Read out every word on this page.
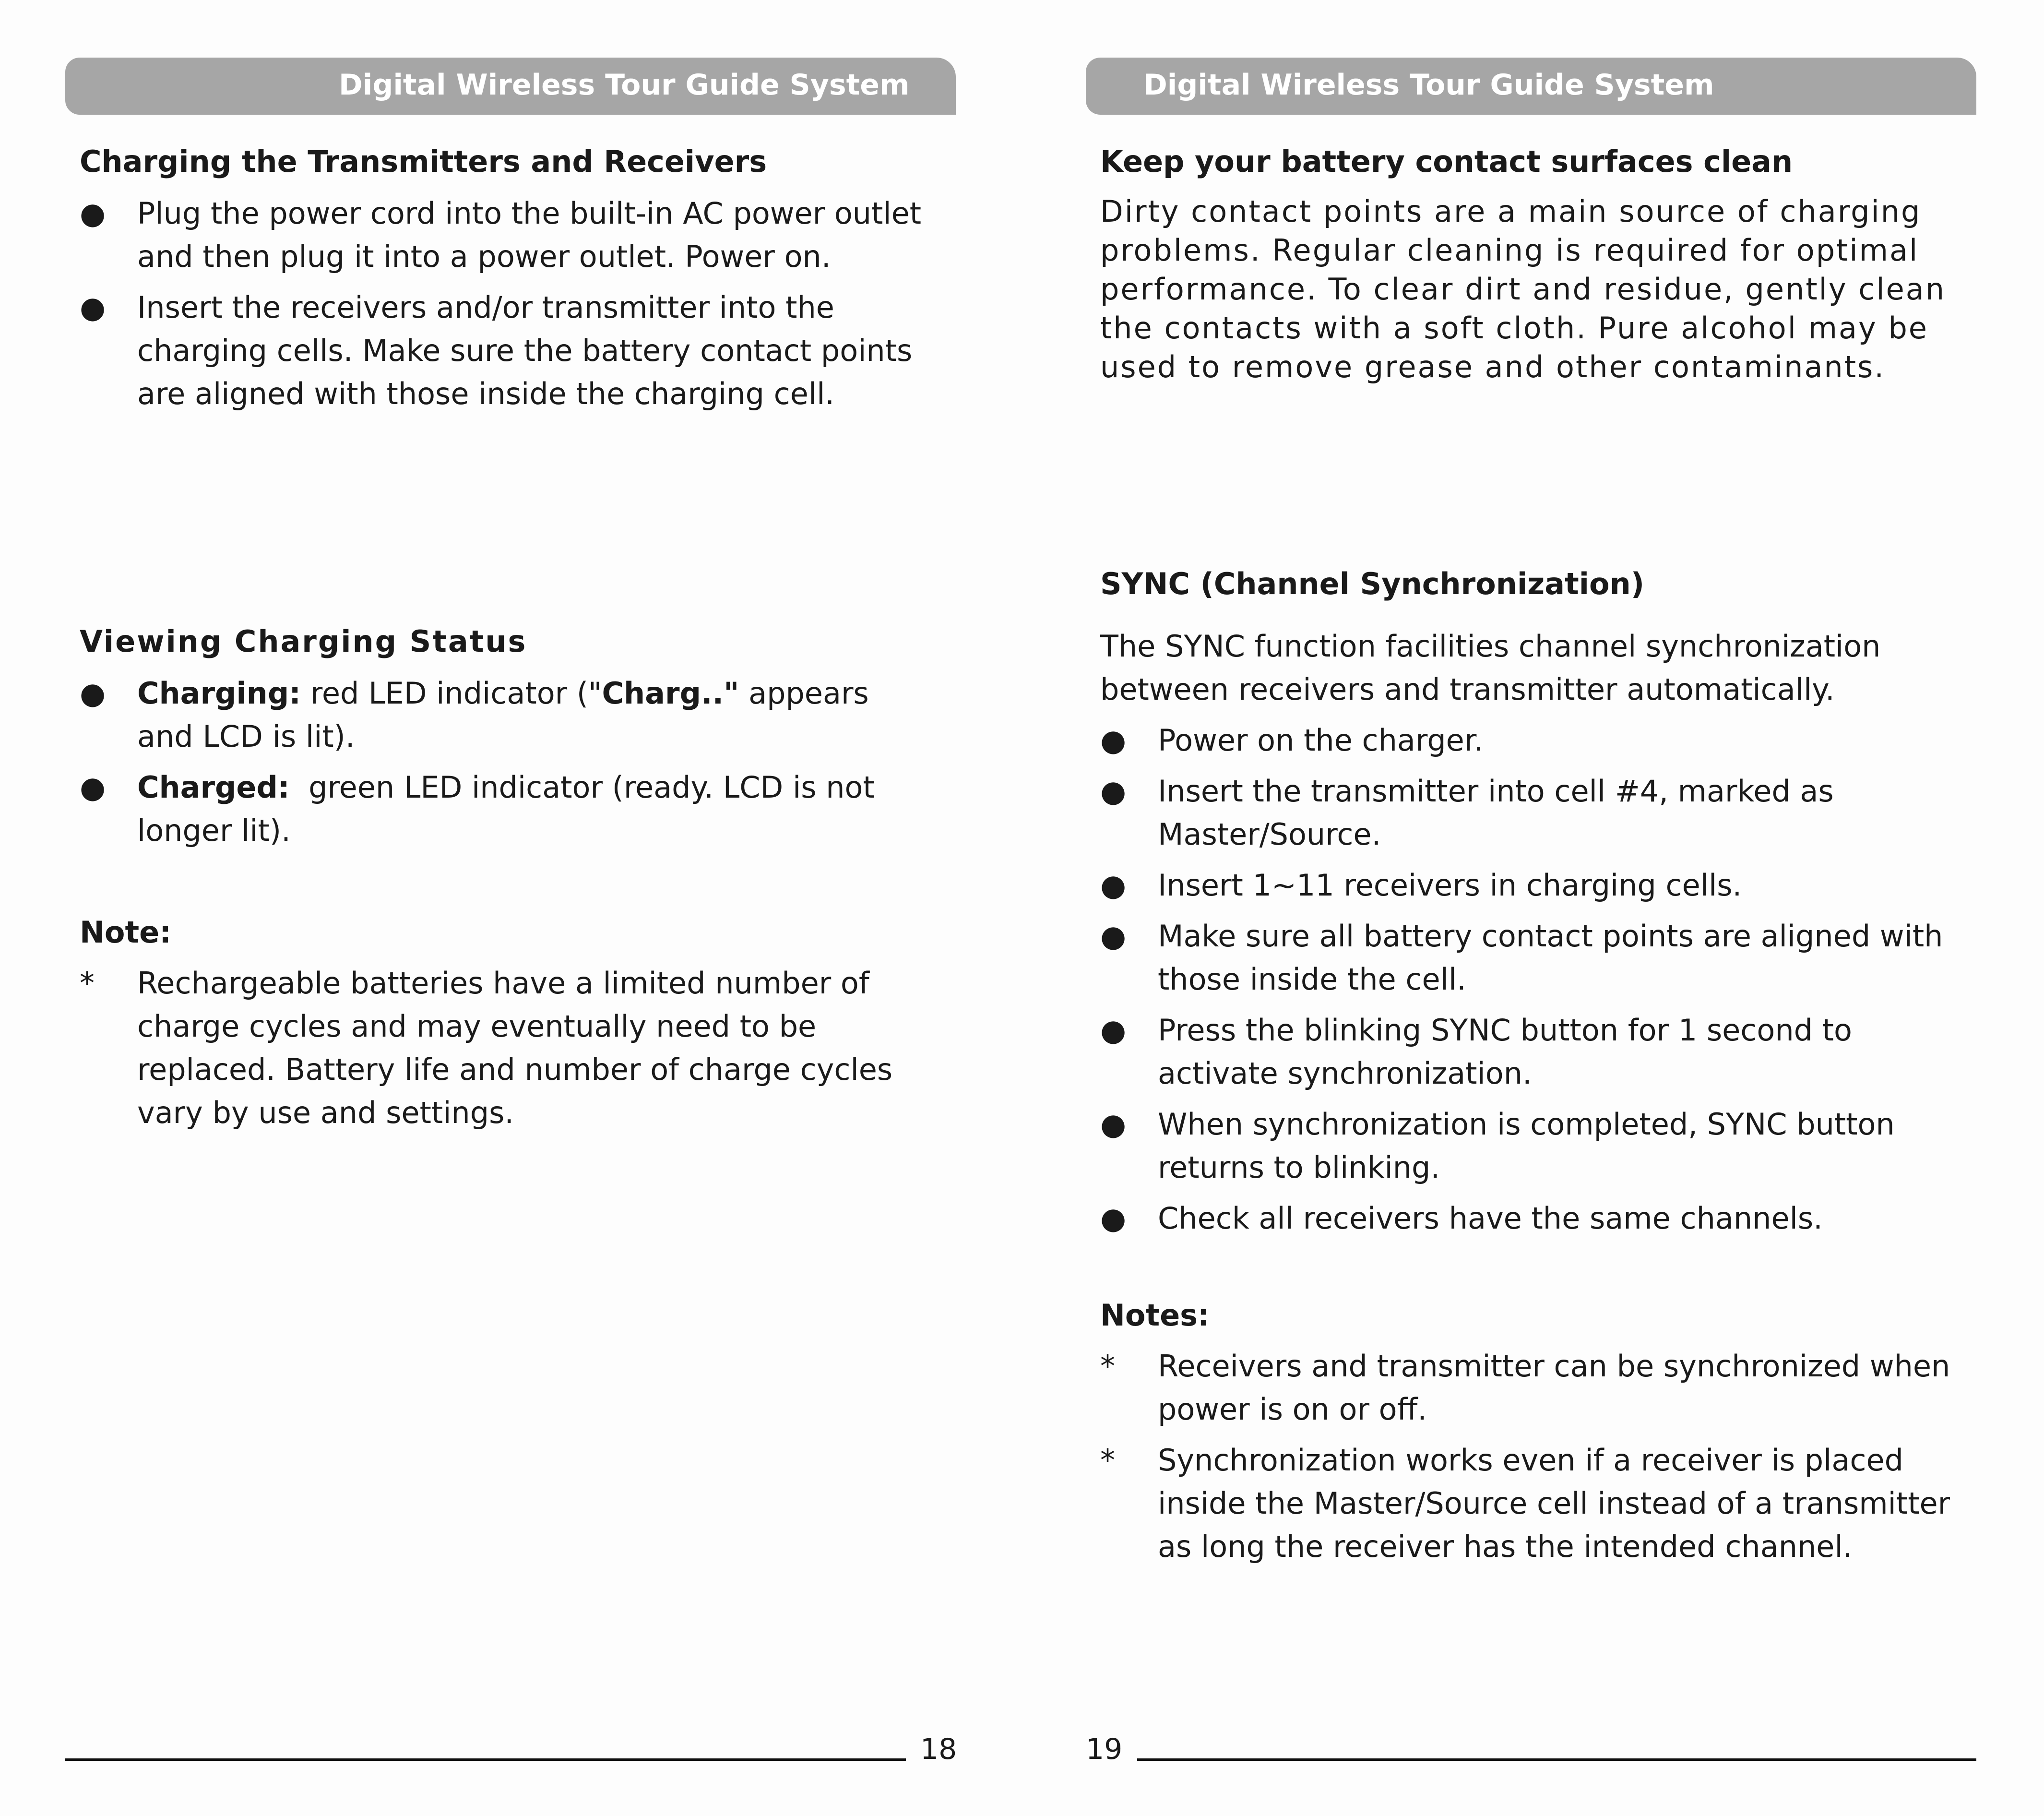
Digital Wireless Tour Guide System	Digital Wireless Tour Guide System
Charging the Transmitters and Receivers
● Plug the power cord into the built-in AC power outlet and then plug it into a power outlet. Power on.
● Insert the receivers and/or transmitter into the charging cells. Make sure the battery contact points are aligned with those inside the charging cell.
Viewing Charging Status
● Charging: red LED indicator ("Charg.." appears and LCD is lit).
● Charged:  green LED indicator (ready. LCD is not longer lit).
Note:
* Rechargeable batteries have a limited number of charge cycles and may eventually need to be replaced. Battery life and number of charge cycles vary by use and settings.
Keep your battery contact surfaces clean

Dirty contact points are a main source of charging problems. Regular cleaning is required for optimal performance. To clear dirt and residue, gently clean the contacts with a soft cloth. Pure alcohol may be used to remove grease and other contaminants.

SYNC (Channel Synchronization)

The SYNC function facilities channel synchronization between receivers and transmitter automatically.

● Power on the charger.
● Insert the transmitter into cell #4, marked as Master/Source.
● Insert 1~11 receivers in charging cells.
● Make sure all battery contact points are aligned with those inside the cell.
● Press the blinking SYNC button for 1 second to activate synchronization.
● When synchronization is completed, SYNC button returns to blinking.
● Check all receivers have the same channels.
Notes:
* Receivers and transmitter can be synchronized when power is on or off.
* Synchronization works even if a receiver is placed inside the Master/Source cell instead of a transmitter as long the receiver has the intended channel.
18	19
